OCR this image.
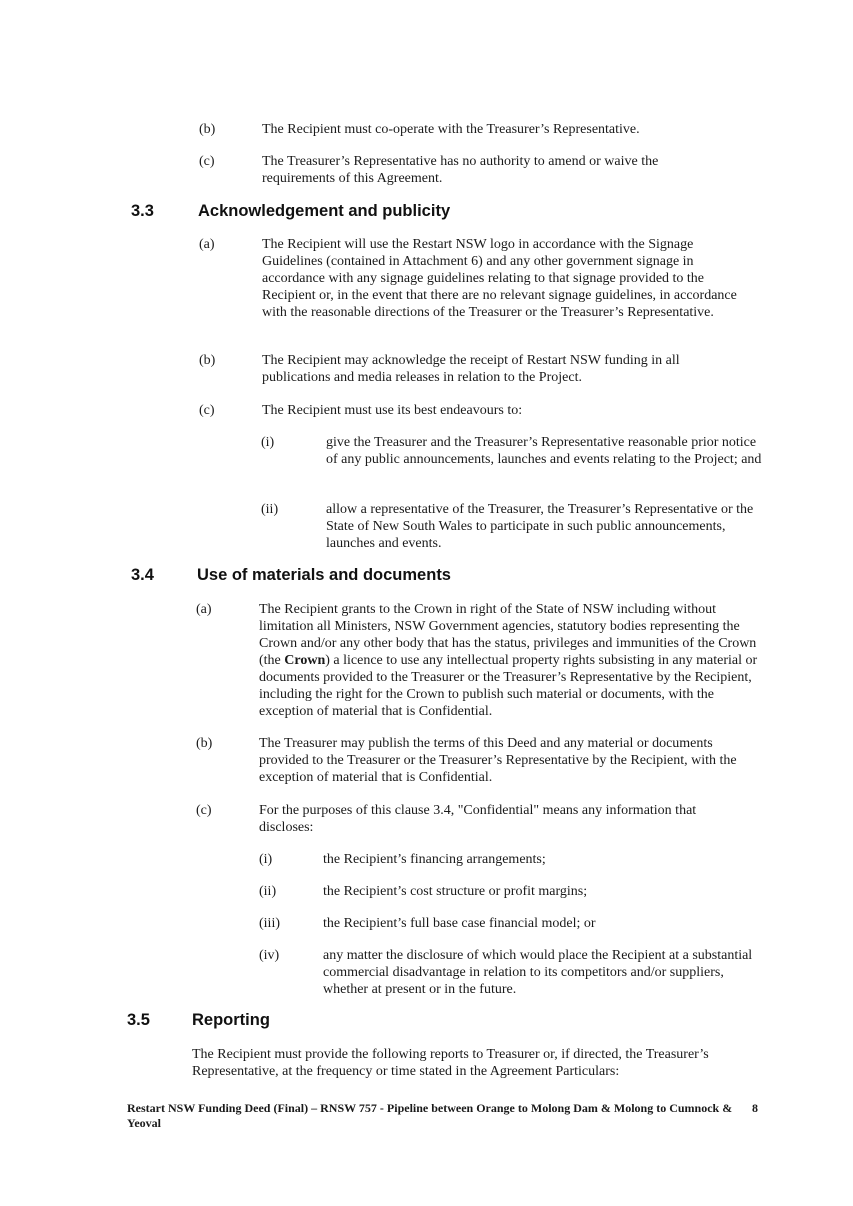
(b)	The Recipient must co-operate with the Treasurer’s Representative.
(c)	The Treasurer’s Representative has no authority to amend or waive the requirements of this Agreement.
3.3	Acknowledgement and publicity
(a)	The Recipient will use the Restart NSW logo in accordance with the Signage Guidelines (contained in Attachment 6) and any other government signage in accordance with any signage guidelines relating to that signage provided to the Recipient or, in the event that there are no relevant signage guidelines, in accordance with the reasonable directions of the Treasurer or the Treasurer’s Representative.
(b)	The Recipient may acknowledge the receipt of Restart NSW funding in all publications and media releases in relation to the Project.
(c)	The Recipient must use its best endeavours to:
(i)	give the Treasurer and the Treasurer’s Representative reasonable prior notice of any public announcements, launches and events relating to the Project; and
(ii)	allow a representative of the Treasurer, the Treasurer’s Representative or the State of New South Wales to participate in such public announcements, launches and events.
3.4	Use of materials and documents
(a)	The Recipient grants to the Crown in right of the State of NSW including without limitation all Ministers, NSW Government agencies, statutory bodies representing the Crown and/or any other body that has the status, privileges and immunities of the Crown (the Crown) a licence to use any intellectual property rights subsisting in any material or documents provided to the Treasurer or the Treasurer’s Representative by the Recipient, including the right for the Crown to publish such material or documents, with the exception of material that is Confidential.
(b)	The Treasurer may publish the terms of this Deed and any material or documents provided to the Treasurer or the Treasurer’s Representative by the Recipient, with the exception of material that is Confidential.
(c)	For the purposes of this clause 3.4, "Confidential" means any information that discloses:
(i)	the Recipient’s financing arrangements;
(ii)	the Recipient’s cost structure or profit margins;
(iii)	the Recipient’s full base case financial model; or
(iv)	any matter the disclosure of which would place the Recipient at a substantial commercial disadvantage in relation to its competitors and/or suppliers, whether at present or in the future.
3.5	Reporting
The Recipient must provide the following reports to Treasurer or, if directed, the Treasurer’s Representative, at the frequency or time stated in the Agreement Particulars:
Restart NSW Funding Deed (Final) – RNSW 757 - Pipeline between Orange to Molong Dam & Molong to Cumnock & Yeoval
8
